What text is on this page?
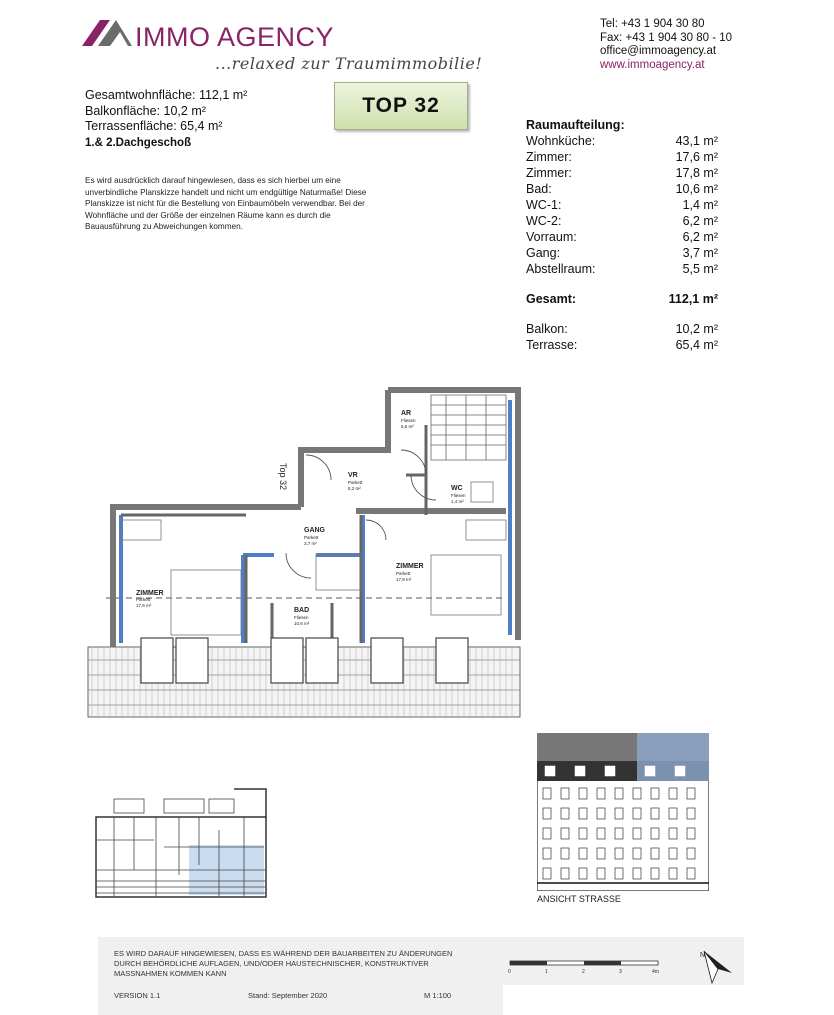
IMMO AGENCY
...relaxed zur Traumimmobilie!
Tel: +43 1 904 30 80
Fax: +43 1 904 30 80 - 10
office@immoagency.at
www.immoagency.at
Gesamtwohnfläche: 112,1 m²
Balkonfläche: 10,2 m²
Terrassenfläche: 65,4 m²
1.& 2.Dachgeschoß
TOP 32
Es wird ausdrücklich darauf hingewiesen, dass es sich hierbei um eine unverbindliche Planskizze handelt und nicht um endgültige Naturmaße! Diese Planskizze ist nicht für die Bestellung von Einbaumöbeln verwendbar. Bei der Wohnfläche und der Größe der einzelnen Räume kann es durch die Bauausführung zu Abweichungen kommen.
Raumaufteilung:
Wohnküche:	43,1 m²
Zimmer:	17,6 m²
Zimmer:	17,8 m²
Bad:	10,6 m²
WC-1:	1,4 m²
WC-2:	6,2 m²
Vorraum:	6,2 m²
Gang:	3,7 m²
Abstellraum:	5,5 m²
Gesamt:	112,1 m²
Balkon:	10,2 m²
Terrasse:	65,4 m²
AR
Fliesen
5,5 m²
VR
Parkett
6,2 m²	WC
Fliesen
1,4 m²
GANG
Parkett
3,7 m²
ZIMMER
Parkett
17,6 m²
ZIMMER
Parkett
17,8 m²
BAD
Fliesen
10,6 m²
Top 32
ANSICHT STRASSE
ES WIRD DARAUF HINGEWIESEN, DASS ES WÄHREND DER BAUARBEITEN ZU ÄNDERUNGEN DURCH BEHÖRDLICHE AUFLAGEN, UND/ODER HAUSTECHNISCHER, KONSTRUKTIVER MASSNAHMEN KOMMEN KANN
VERSION 1.1	Stand: September 2020	M 1:100
0	1	2	3	4m
N
